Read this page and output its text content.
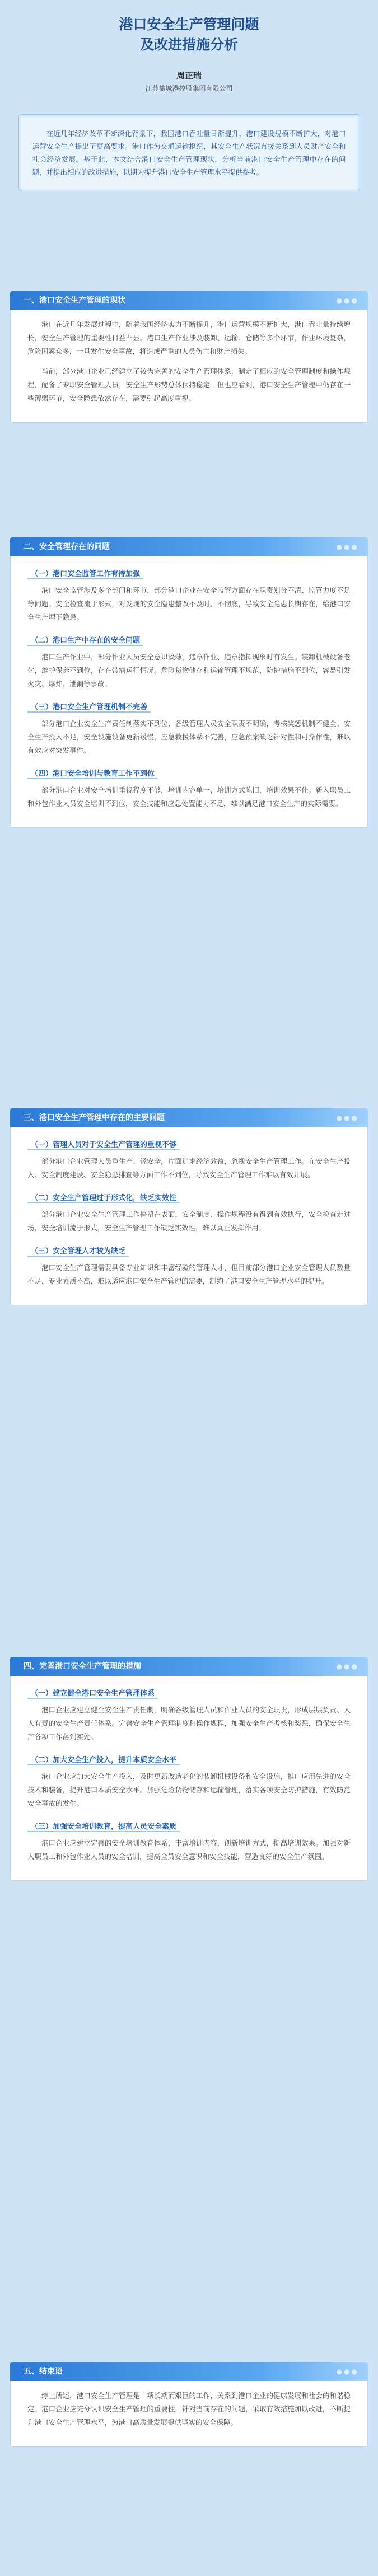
港口安全生产管理问题
及改进措施分析
周正瑞
江苏盐城港控股集团有限公司

在近几年经济改革不断深化背景下，我国港口吞吐量日渐提升，港口建设规模不断扩大，对港口运营安全生产提出了更高要求。港口作为交通运输枢纽，其安全生产状况直接关系到人员财产安全和社会经济发展。基于此，本文结合港口安全生产管理现状，分析当前港口安全生产管理中存在的问题，并提出相应的改进措施，以期为提升港口安全生产管理水平提供参考。

一、港口安全生产管理的现状	●●●

港口在近几年发展过程中，随着我国经济实力不断提升，港口运营规模不断扩大，港口吞吐量持续增长，安全生产管理的重要性日益凸显。港口生产作业涉及装卸、运输、仓储等多个环节，作业环境复杂，危险因素众多，一旦发生安全事故，将造成严重的人员伤亡和财产损失。

当前，部分港口企业已经建立了较为完善的安全生产管理体系，制定了相应的安全管理制度和操作规程，配备了专职安全管理人员，安全生产形势总体保持稳定。但也应看到，港口安全生产管理中仍存在一些薄弱环节，安全隐患依然存在，需要引起高度重视。

二、安全管理存在的问题	●●●
（一）港口安全监管工作有待加强

港口安全监管涉及多个部门和环节，部分港口企业在安全监管方面存在职责划分不清、监管力度不足等问题。安全检查流于形式，对发现的安全隐患整改不及时、不彻底，导致安全隐患长期存在，给港口安全生产埋下隐患。

（二）港口生产中存在的安全问题

港口生产作业中，部分作业人员安全意识淡薄，违章作业、违章指挥现象时有发生。装卸机械设备老化，维护保养不到位，存在带病运行情况。危险货物储存和运输管理不规范，防护措施不到位，容易引发火灾、爆炸、泄漏等事故。

（三）港口安全生产管理机制不完善

部分港口企业安全生产责任制落实不到位，各级管理人员安全职责不明确，考核奖惩机制不健全。安全生产投入不足，安全设施设备更新缓慢，应急救援体系不完善，应急预案缺乏针对性和可操作性，难以有效应对突发事件。

（四）港口安全培训与教育工作不到位

部分港口企业对安全培训重视程度不够，培训内容单一，培训方式陈旧，培训效果不佳。新入职员工和外包作业人员安全培训不到位，安全技能和应急处置能力不足，难以满足港口安全生产的实际需要。

三、港口安全生产管理中存在的主要问题	●●●
（一）管理人员对于安全生产管理的重视不够

部分港口企业管理人员重生产、轻安全，片面追求经济效益，忽视安全生产管理工作。在安全生产投入、安全制度建设、安全隐患排查等方面工作不到位，导致安全生产管理工作难以有效开展。

（二）安全生产管理过于形式化，缺乏实效性

部分港口企业安全生产管理工作停留在表面，安全制度、操作规程没有得到有效执行，安全检查走过场，安全培训流于形式，安全生产管理工作缺乏实效性，难以真正发挥作用。

（三）安全管理人才较为缺乏

港口安全生产管理需要具备专业知识和丰富经验的管理人才，但目前部分港口企业安全管理人员数量不足，专业素质不高，难以适应港口安全生产管理的需要，制约了港口安全生产管理水平的提升。

四、完善港口安全生产管理的措施	●●●
（一）建立健全港口安全生产管理体系

港口企业应建立健全安全生产责任制，明确各级管理人员和作业人员的安全职责，形成层层负责、人人有责的安全生产责任体系。完善安全生产管理制度和操作规程，加强安全生产考核和奖惩，确保安全生产各项工作落到实处。

（二）加大安全生产投入，提升本质安全水平

港口企业应加大安全生产投入，及时更新改造老化的装卸机械设备和安全设施，推广应用先进的安全技术和装备，提升港口本质安全水平。加强危险货物储存和运输管理，落实各项安全防护措施，有效防范安全事故的发生。

（三）加强安全培训教育，提高人员安全素质

港口企业应建立完善的安全培训教育体系，丰富培训内容，创新培训方式，提高培训效果。加强对新入职员工和外包作业人员的安全培训，提高全员安全意识和安全技能，营造良好的安全生产氛围。

五、结束语	●●●

综上所述，港口安全生产管理是一项长期而艰巨的工作，关系到港口企业的健康发展和社会的和谐稳定。港口企业应充分认识安全生产管理的重要性，针对当前存在的问题，采取有效措施加以改进，不断提升港口安全生产管理水平，为港口高质量发展提供坚实的安全保障。
